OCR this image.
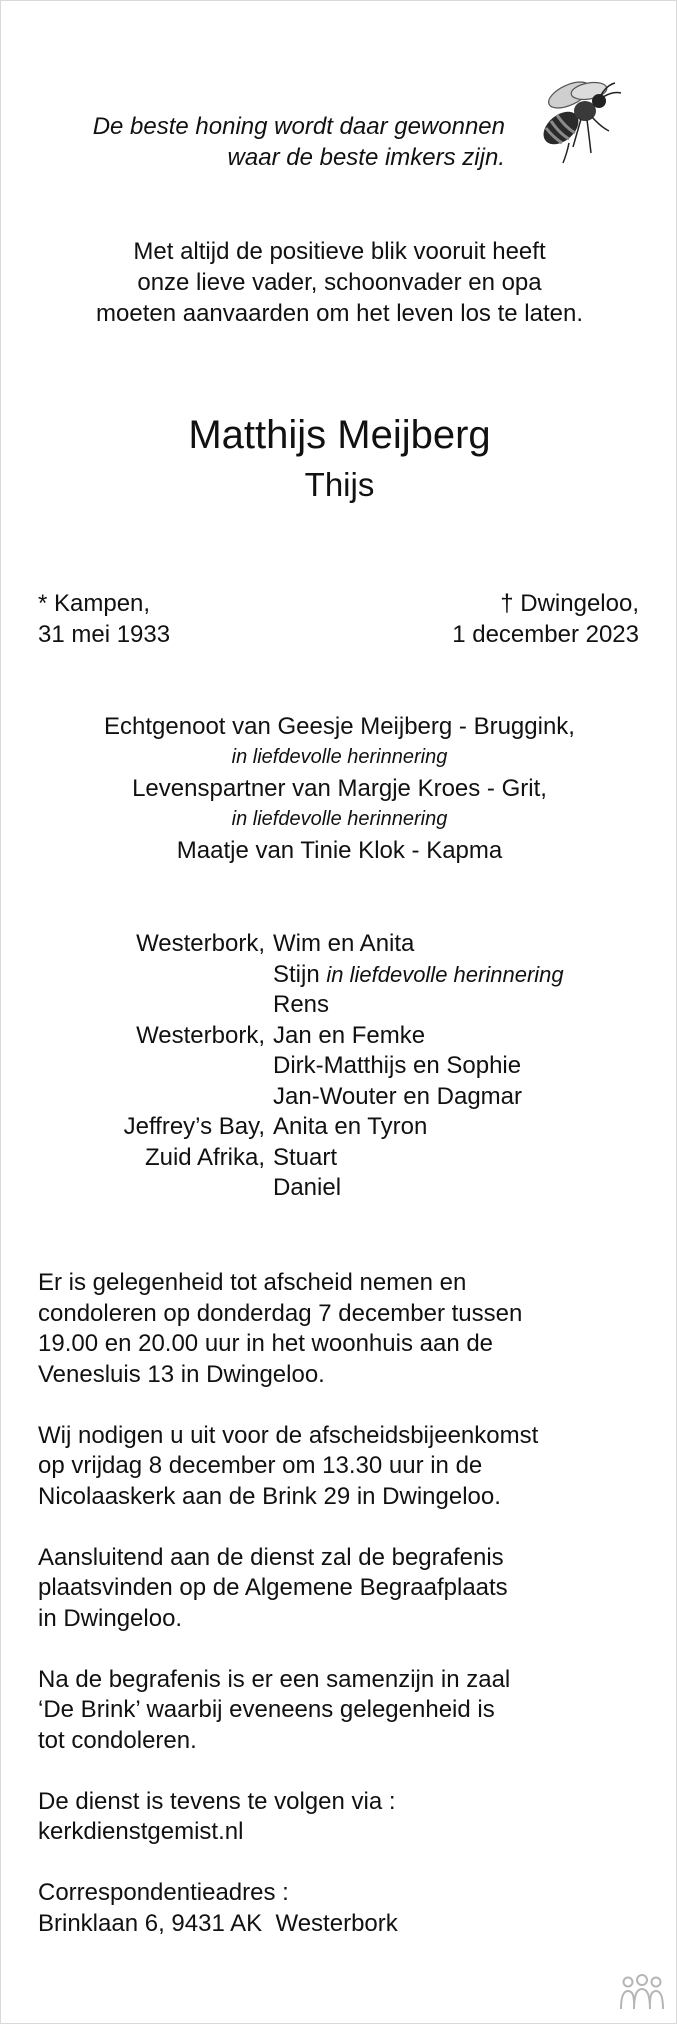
De beste honing wordt daar gewonnen
waar de beste imkers zijn.
Met altijd de positieve blik vooruit heeft
onze lieve vader, schoonvader en opa
moeten aanvaarden om het leven los te laten.
Matthijs Meijberg
Thijs
* Kampen,
31 mei 1933
† Dwingeloo,
1 december 2023
Echtgenoot van Geesje Meijberg - Bruggink,
in liefdevolle herinnering
Levenspartner van Margje Kroes - Grit,
in liefdevolle herinnering
Maatje van Tinie Klok - Kapma
Westerbork, Wim en Anita
Stijn in liefdevolle herinnering
Rens
Westerbork, Jan en Femke
Dirk-Matthijs en Sophie
Jan-Wouter en Dagmar
Jeffrey’s Bay, Anita en Tyron
Zuid Afrika, Stuart
Daniel

Er is gelegenheid tot afscheid nemen en
condoleren op donderdag 7 december tussen
19.00 en 20.00 uur in het woonhuis aan de
Venesluis 13 in Dwingeloo.

Wij nodigen u uit voor de afscheidsbijeenkomst
op vrijdag 8 december om 13.30 uur in de
Nicolaaskerk aan de Brink 29 in Dwingeloo.

Aansluitend aan de dienst zal de begrafenis
plaatsvinden op de Algemene Begraafplaats
in Dwingeloo.

Na de begrafenis is er een samenzijn in zaal
‘De Brink’ waarbij eveneens gelegenheid is
tot condoleren.

De dienst is tevens te volgen via :
kerkdienstgemist.nl

Correspondentieadres :
Brinklaan 6, 9431 AK  Westerbork
